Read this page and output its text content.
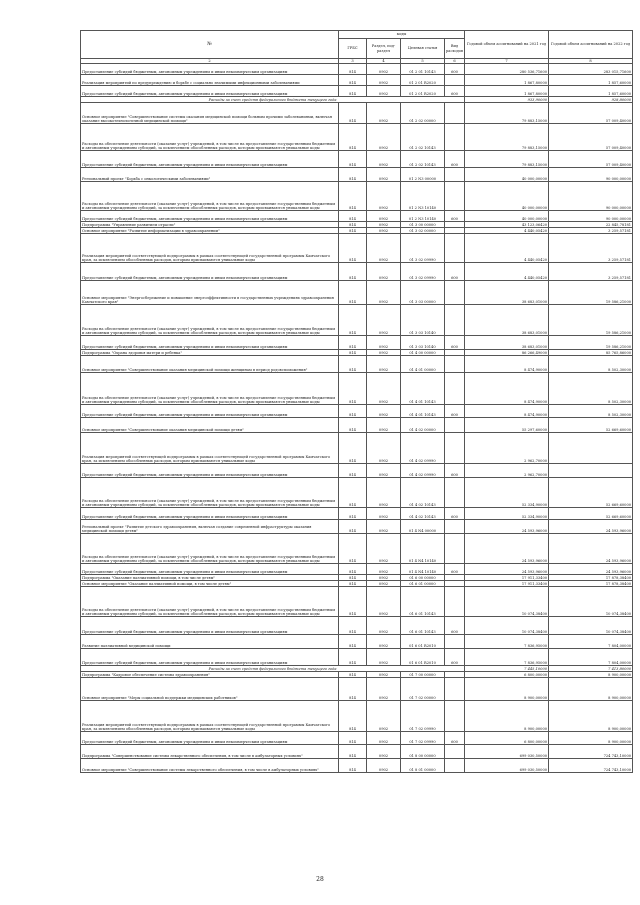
№	коды				Годовой объем ассигнований на 2021 год	Годовой объем ассигнований на 2022 год
	ГРБС	Раздел, под-раздел	Целевая статья	Вид расходов		
2	3	4	5	6	7	8
Предоставление субсидий бюджетным, автономным учреждениям и иным некоммерческим организациям	814	0902	01 2 01 10143	600	280 536,71600	283 015,71600
Реализация мероприятий по предупреждению и борьбе с социально значимыми инфекционными заболеваниями	814	0902	01 2 01 R2020		1 867,80000	1 857,60000
Предоставление субсидий бюджетным, автономным учреждениям и иным некоммерческим организациям	814	0902	01 2 01 R2020	600	1 867,80000	1 857,60000
Расходы за счет средств федерального бюджета текущего года					933,90000	928,80000
Основное мероприятие "Совершенствование системы оказания медицинской помощи больным прочими заболеваниями, включая оказание высокотехнологичной медицинской помощи"	814	0902	01 2 02 00000		79 883,15000	57 009,40000
Расходы на обеспечение деятельности (оказание услуг) учреждений, в том числе на предоставление государственным бюджетным и автономным учреждениям субсидий, за исключением обособленных расходов, которым присваиваются уникальные коды	814	0902	01 2 02 10143		79 883,15000	57 009,40000
Предоставление субсидий бюджетным, автономным учреждениям и иным некоммерческим организациям	814	0902	01 2 02 10143	600	79 883,15000	57 009,40000
Региональный проект "Борьба с онкологическими заболеваниями"	814	0902	01 2 N3 00000		40 000,00000	90 000,00000
Расходы на обеспечение деятельности (оказание услуг) учреждений, в том числе на предоставление государственным бюджетным и автономным учреждениям субсидий, за исключением обособленных расходов, которым присваиваются уникальные коды	814	0902	01 2 N3 10140		40 000,00000	90 000,00000
Предоставление субсидий бюджетным, автономным учреждениям и иным некоммерческим организациям	814	0902	01 2 N3 10140	600	40 000,00000	90 000,00000
Подпрограмма "Управление развитием отрасли"	814	0902	01 3 00 00000		43 123,06420	22 845,78181
Основное мероприятие "Развитие информатизации в здравоохранении"	814	0902	01 3 02 00000		4 440,05420	3 259,57181
Реализация мероприятий соответствующей подпрограммы в рамках соответствующей государственной программы Камчатского края, за исключением обособленных расходов, которым присваиваются уникальные коды	814	0902	01 3 02 09990		4 440,05420	3 259,57181
Предоставление субсидий бюджетным, автономным учреждениям и иным некоммерческим организациям	814	0902	01 3 02 09990	600	4 440,05420	3 259,57181
Основное мероприятие "Энергосбережение и повышение энергоэффективности в государственных учреждениях здравоохранения Камчатского края"	814	0902	01 3 03 00000		38 683,01000	19 586,21000
Расходы на обеспечение деятельности (оказание услуг) учреждений, в том числе на предоставление государственным бюджетным и автономным учреждениям субсидий, за исключением обособленных расходов, которым присваиваются уникальные коды	814	0902	01 3 03 10140		38 683,01000	19 586,21000
Предоставление субсидий бюджетным, автономным учреждениям и иным некоммерческим организациям	814	0902	01 3 03 10140	600	38 683,01000	19 586,21000
Подпрограмма "Охрана здоровья матери и ребенка"	814	0902	01 4 00 00000		86 266,49000	85 765,86000
Основное мероприятие "Совершенствование оказания медицинской помощи женщинам в период родовспоможения"	814	0902	01 4 01 00000		8 474,90000	8 502,30000
Расходы на обеспечение деятельности (оказание услуг) учреждений, в том числе на предоставление государственным бюджетным и автономным учреждениям субсидий, за исключением обособленных расходов, которым присваиваются уникальные коды	814	0902	01 4 01 10143		8 474,90000	8 502,30000
Предоставление субсидий бюджетным, автономным учреждениям и иным некоммерческим организациям	814	0902	01 4 01 10143	600	8 474,90000	8 502,30000
Основное мероприятие "Совершенствование оказания медицинской помощи детям"	814	0902	01 4 02 00000		55 297,60000	52 669,60000
Реализация мероприятий соответствующей подпрограммы в рамках соответствующей государственной программы Камчатского края, за исключением обособленных расходов, которым присваиваются уникальные коды	814	0902	01 4 02 09990		2 962,70000	
Предоставление субсидий бюджетным, автономным учреждениям и иным некоммерческим организациям	814	0902	01 4 02 09990	600	2 962,70000	
Расходы на обеспечение деятельности (оказание услуг) учреждений, в том числе на предоставление государственным бюджетным и автономным учреждениям субсидий, за исключением обособленных расходов, которым присваиваются уникальные коды	814	0902	01 4 02 10143		52 334,90000	52 669,60000
Предоставление субсидий бюджетным, автономным учреждениям и иным некоммерческим организациям	814	0902	01 4 02 10143	600	52 334,90000	52 669,60000
Региональный проект "Развитие детского здравоохранения, включая создание современной инфраструктуры оказания медицинской помощи детям"	814	0902	01 4 N4 00000		24 593,96000	24 593,96000
Расходы на обеспечение деятельности (оказание услуг) учреждений, в том числе на предоставление государственным бюджетным и автономным учреждениям субсидий, за исключением обособленных расходов, которым присваиваются уникальные коды	814	0902	01 4 N4 10140		24 593,96000	24 593,96000
Предоставление субсидий бюджетным, автономным учреждениям и иным некоммерческим организациям	814	0902	01 4 N4 10140	600	24 593,96000	24 593,96000
Подпрограмма "Оказание паллиативной помощи, в том числе детям"	814	0902	01 6 00 00000		17 911,33400	17 878,38400
Основное мероприятие "Оказание паллиативной помощи, в том числе детям"	814	0902	01 6 01 00000		17 911,33400	17 878,38400
Расходы на обеспечение деятельности (оказание услуг) учреждений, в том числе на предоставление государственным бюджетным и автономным учреждениям субсидий, за исключением обособленных расходов, которым присваиваются уникальные коды	814	0902	01 6 01 10143		10 074,38400	10 074,38400
Предоставление субсидий бюджетным, автономным учреждениям и иным некоммерческим организациям	814	0902	01 6 01 10143	600	10 074,38400	10 074,38400
Развитие паллиативной медицинской помощи	814	0902	01 6 01 R2010		7 836,95000	7 804,00000
Предоставление субсидий бюджетным, автономным учреждениям и иным некоммерческим организациям	814	0902	01 6 01 R2010	600	7 836,95000	7 804,00000
Расходы за счет средств федерального бюджета текущего года					7 445,10000	7 413,80000
Подпрограмма "Кадровое обеспечение системы здравоохранения"	814	0902	01 7 00 00000		6 800,00000	8 900,00000
Основное мероприятие "Меры социальной поддержки медицинских работников"	814	0902	01 7 02 00000		8 900,00000	8 900,00000
Реализация мероприятий соответствующей подпрограммы в рамках соответствующей государственной программы Камчатского края, за исключением обособленных расходов, которым присваиваются уникальные коды	814	0902	01 7 02 09990		8 900,00000	8 900,00000
Предоставление субсидий бюджетным, автономным учреждениям и иным некоммерческим организациям	814	0902	01 7 02 09990	600	6 800,00000	8 900,00000
Подпрограмма "Совершенствование системы лекарственного обеспечения, в том числе в амбулаторных условиях"	814	0902	01 8 00 00000		699 030,50000	724 743,10000
Основное мероприятие "Совершенствование системы лекарственного обеспечения, в том числе в амбулаторных условиях"	814	0902	01 8 01 00000		699 030,50000	724 743,10000
28
